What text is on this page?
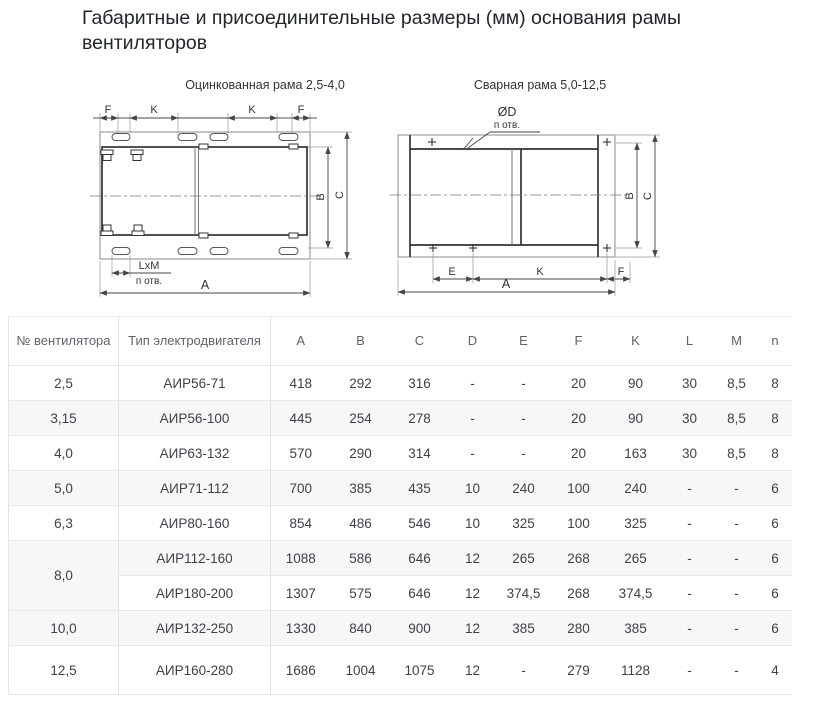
Габаритные и присоединительные размеры (мм) основания рамы вентиляторов
Оцинкованная рама 2,5-4,0	Сварная рама 5,0-12,5
F	K	K	F
B C
LxM
п отв.	A
ØD
п отв.
B C
E	K	F
A
№ вентилятора	Тип электродвигателя	A	B	C	D	E	F	K	L	M	n
2,5	АИР56-71	418	292	316	-	-	20	90	30	8,5	8
3,15	АИР56-100	445	254	278	-	-	20	90	30	8,5	8
4,0	АИР63-132	570	290	314	-	-	20	163	30	8,5	8
5,0	АИР71-112	700	385	435	10	240	100	240	-	-	6
6,3	АИР80-160	854	486	546	10	325	100	325	-	-	6
8,0	АИР112-160	1088	586	646	12	265	268	265	-	-	6
	АИР180-200	1307	575	646	12	374,5	268	374,5	-	-	6
10,0	АИР132-250	1330	840	900	12	385	280	385	-	-	6
12,5	АИР160-280	1686	1004	1075	12	-	279	1128	-	-	4
